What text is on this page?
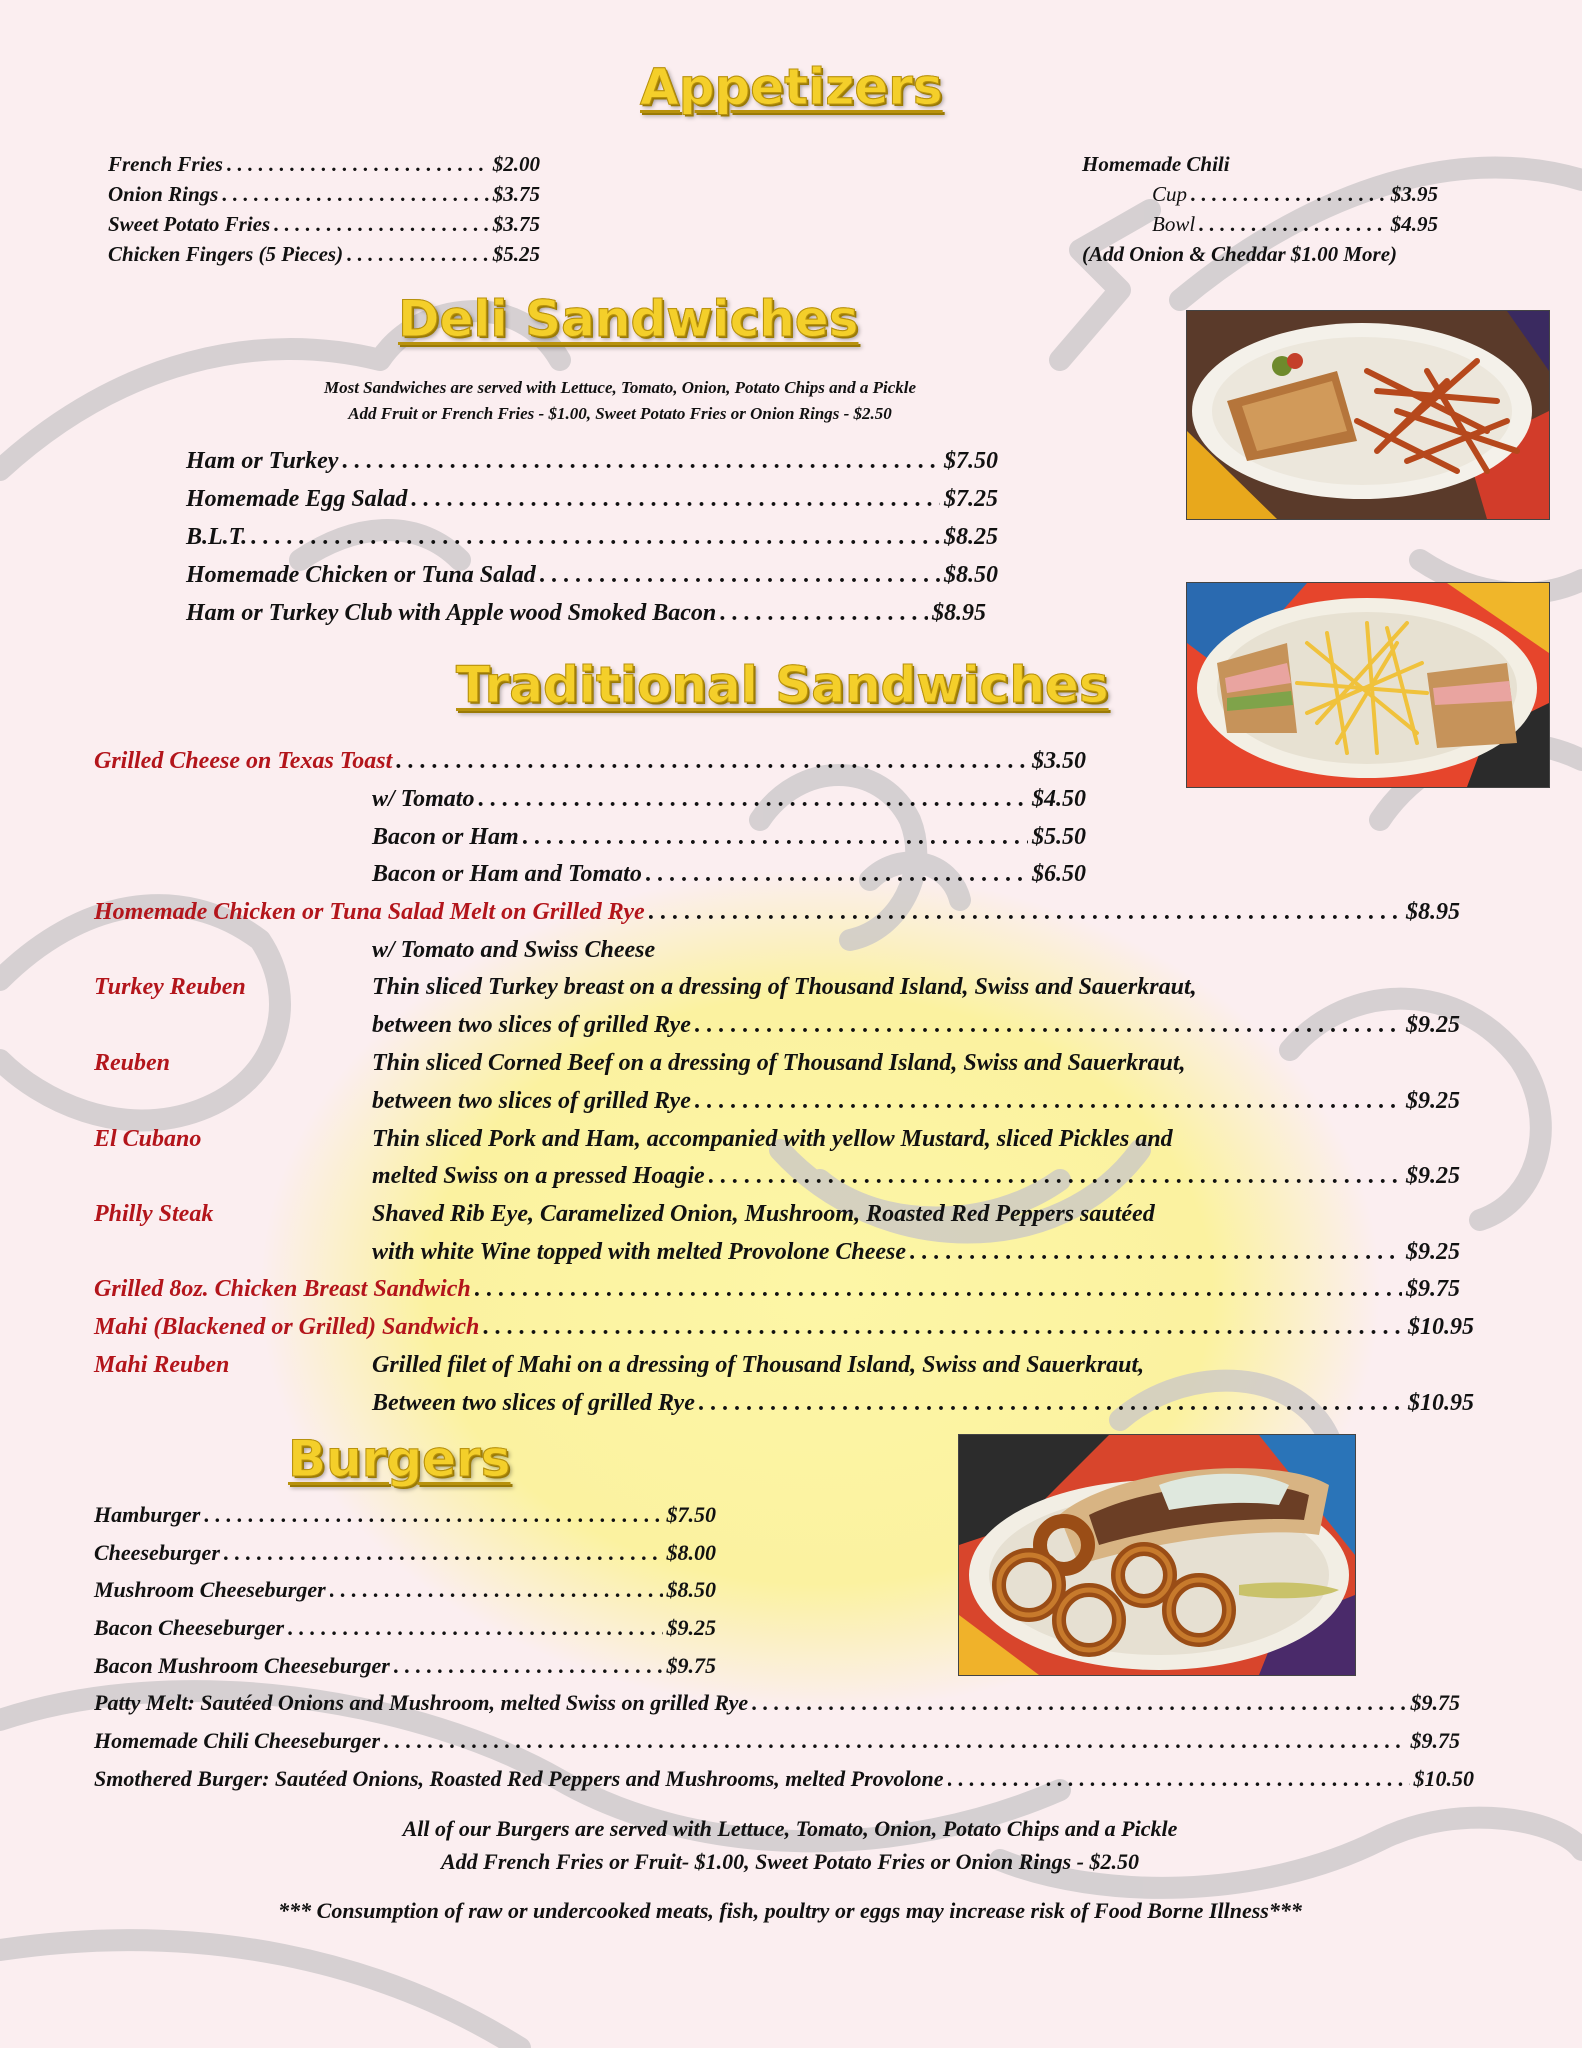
Appetizers
French Fries . . .	$2.00
Onion Rings . . .	$3.75
Sweet Potato Fries . . .	$3.75
Chicken Fingers (5 Pieces) . . .	$5.25
Homemade Chili
Cup . . .	$3.95
Bowl . . .	$4.95
(Add Onion & Cheddar $1.00 More)
Deli Sandwiches
Most Sandwiches are served with Lettuce, Tomato, Onion, Potato Chips and a Pickle
Add Fruit or French Fries - $1.00, Sweet Potato Fries or Onion Rings - $2.50
Ham or Turkey . . .	$7.50
Homemade Egg Salad . . .	$7.25
B.L.T. . . .	$8.25
Homemade Chicken or Tuna Salad . . .	$8.50
Ham or Turkey Club with Apple wood Smoked Bacon . . .	$8.95
Traditional Sandwiches
Grilled Cheese on Texas Toast . . .	$3.50
w/ Tomato . . .	$4.50
Bacon or Ham . . .	$5.50
Bacon or Ham and Tomato . . .	$6.50
Homemade Chicken or Tuna Salad Melt on Grilled Rye . . .	$8.95
w/ Tomato and Swiss Cheese
Turkey Reuben	Thin sliced Turkey breast on a dressing of Thousand Island, Swiss and Sauerkraut,
between two slices of grilled Rye . . .	$9.25
Reuben	Thin sliced Corned Beef on a dressing of Thousand Island, Swiss and Sauerkraut,
between two slices of grilled Rye . . .	$9.25
El Cubano	Thin sliced Pork and Ham, accompanied with yellow Mustard, sliced Pickles and
melted Swiss on a pressed Hoagie . . .	$9.25
Philly Steak	Shaved Rib Eye, Caramelized Onion, Mushroom, Roasted Red Peppers sautéed
with white Wine topped with melted Provolone Cheese . . .	$9.25
Grilled 8oz. Chicken Breast Sandwich . . .	$9.75
Mahi (Blackened or Grilled) Sandwich . . .	$10.95
Mahi Reuben	Grilled filet of Mahi on a dressing of Thousand Island, Swiss and Sauerkraut,
Between two slices of grilled Rye . . .	$10.95
Burgers
Hamburger . . .	$7.50
Cheeseburger . . .	$8.00
Mushroom Cheeseburger . . .	$8.50
Bacon Cheeseburger . . .	$9.25
Bacon Mushroom Cheeseburger . . .	$9.75
Patty Melt: Sautéed Onions and Mushroom, melted Swiss on grilled Rye . . .	$9.75
Homemade Chili Cheeseburger . . .	$9.75
Smothered Burger: Sautéed Onions, Roasted Red Peppers and Mushrooms, melted Provolone . . .	$10.50
All of our Burgers are served with Lettuce, Tomato, Onion, Potato Chips and a Pickle
Add French Fries or Fruit- $1.00, Sweet Potato Fries or Onion Rings - $2.50
*** Consumption of raw or undercooked meats, fish, poultry or eggs may increase risk of Food Borne Illness***
